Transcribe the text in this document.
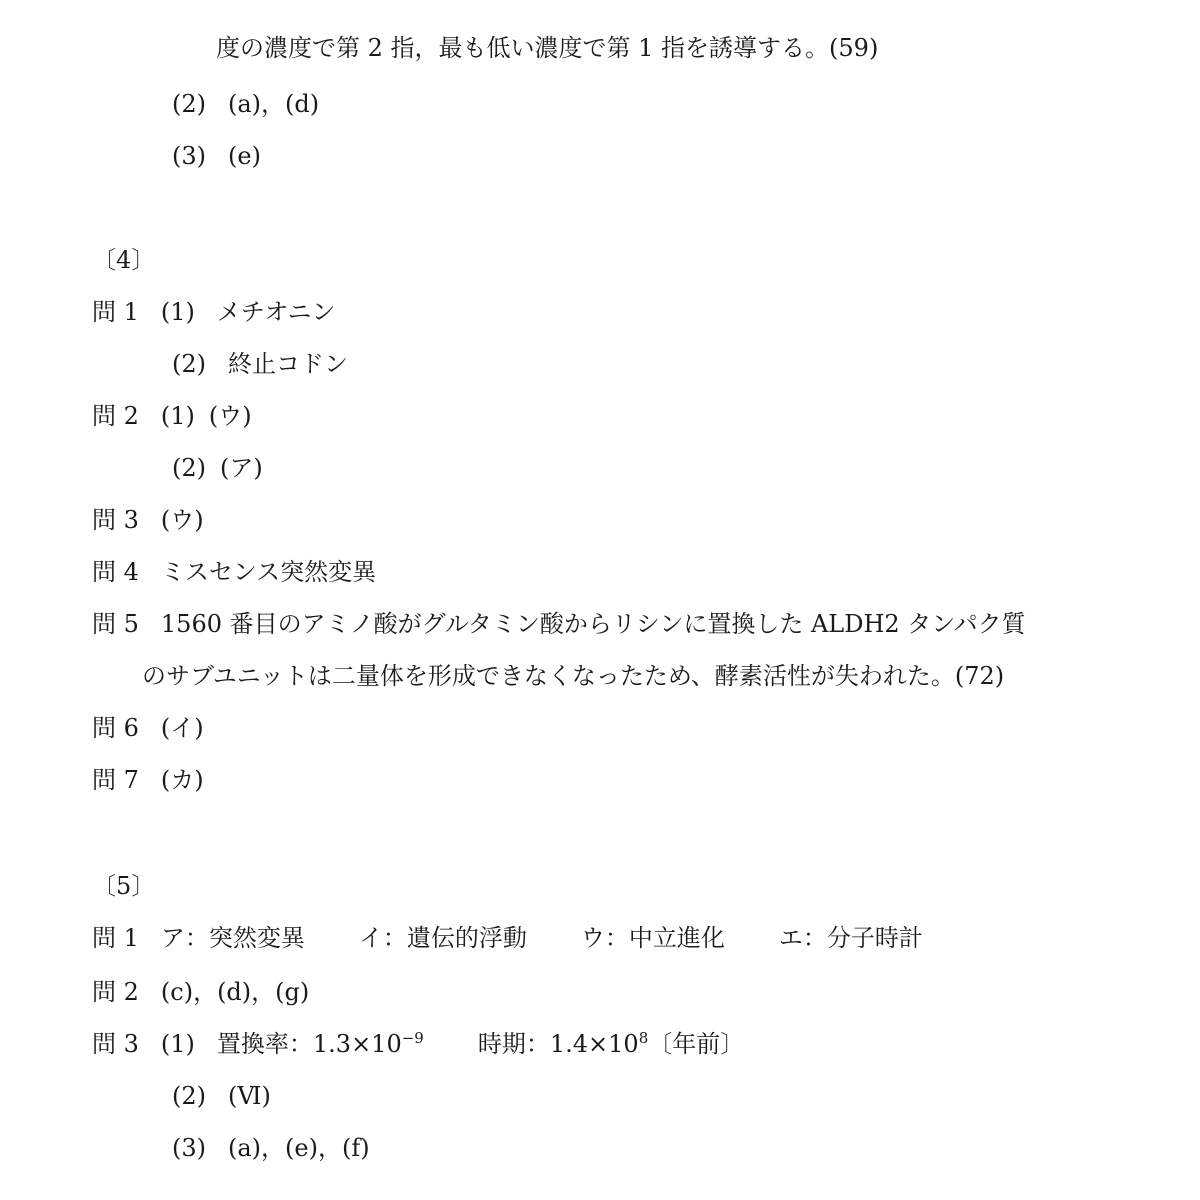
度の濃度で第 2 指，最も低い濃度で第 1 指を誘導する。(59)
(2) (a)，(d)
(3) (e)
〔4〕
問 1 (1) メチオニン
(2) 終止コドン
問 2 (1) (ウ)
(2) (ア)
問 3 (ウ)
問 4 ミスセンス突然変異
問 5 1560 番目のアミノ酸がグルタミン酸からリシンに置換した ALDH2 タンパク質
のサブユニットは二量体を形成できなくなったため、酵素活性が失われた。(72)
問 6 (イ)
問 7 (カ)
〔5〕
問 1 ア：突然変異 イ：遺伝的浮動 ウ：中立進化 エ：分子時計
問 2 (c)，(d)，(g)
問 3 (1) 置換率：$1.3\times 10^{-9}$ 時期：$1.4\times 10^8$〔年前〕
(2) (Ⅵ)
(3) (a)，(e)，(f)
